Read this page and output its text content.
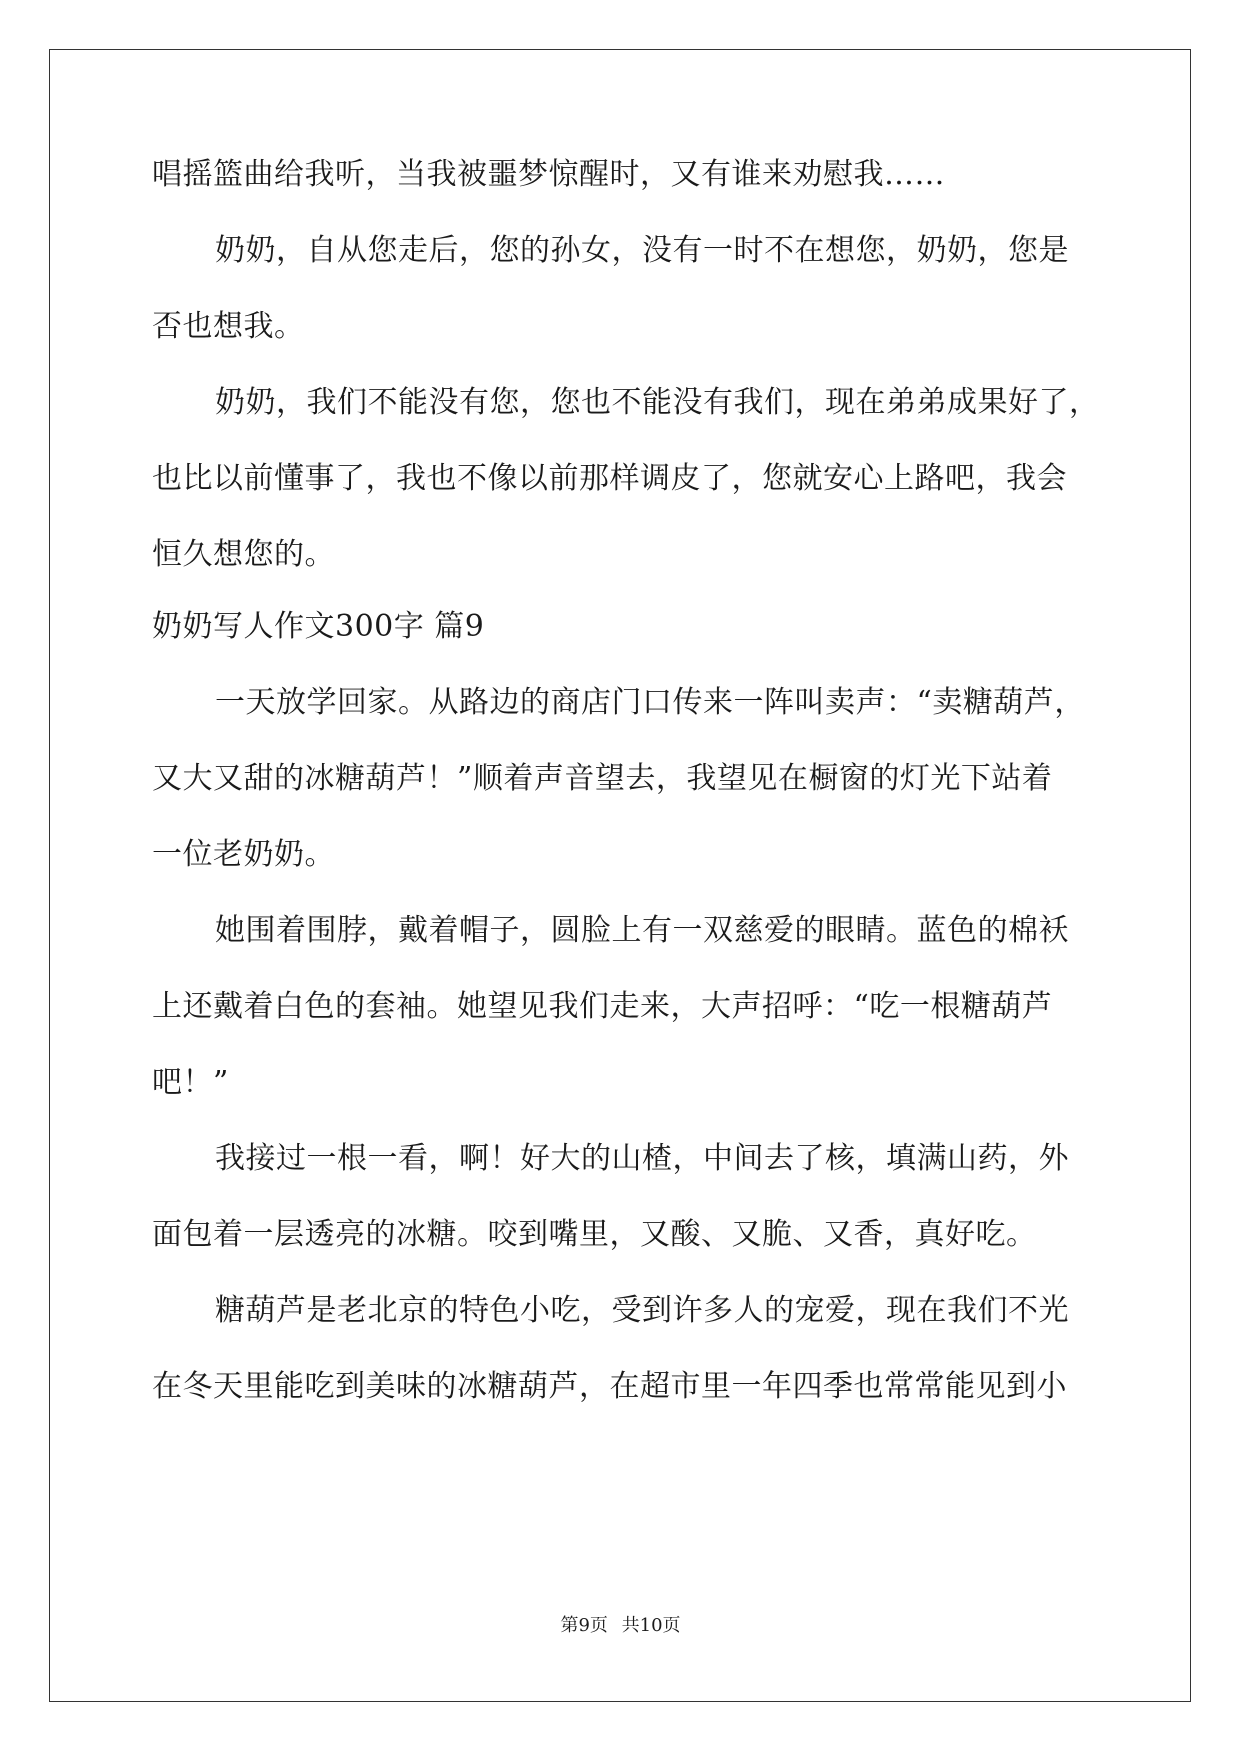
唱摇篮曲给我听，当我被噩梦惊醒时，又有谁来劝慰我……
奶奶，自从您走后，您的孙女，没有一时不在想您，奶奶，您是
否也想我。
奶奶，我们不能没有您，您也不能没有我们，现在弟弟成果好了，
也比以前懂事了，我也不像以前那样调皮了，您就安心上路吧，我会
恒久想您的。
奶奶写人作文300字 篇9
一天放学回家。从路边的商店门口传来一阵叫卖声：“卖糖葫芦，
又大又甜的冰糖葫芦！”顺着声音望去，我望见在橱窗的灯光下站着
一位老奶奶。
她围着围脖，戴着帽子，圆脸上有一双慈爱的眼睛。蓝色的棉袄
上还戴着白色的套袖。她望见我们走来，大声招呼：“吃一根糖葫芦
吧！”
我接过一根一看，啊！好大的山楂，中间去了核，填满山药，外
面包着一层透亮的冰糖。咬到嘴里，又酸、又脆、又香，真好吃。
糖葫芦是老北京的特色小吃，受到许多人的宠爱，现在我们不光
在冬天里能吃到美味的冰糖葫芦，在超市里一年四季也常常能见到小
第9页 共10页
